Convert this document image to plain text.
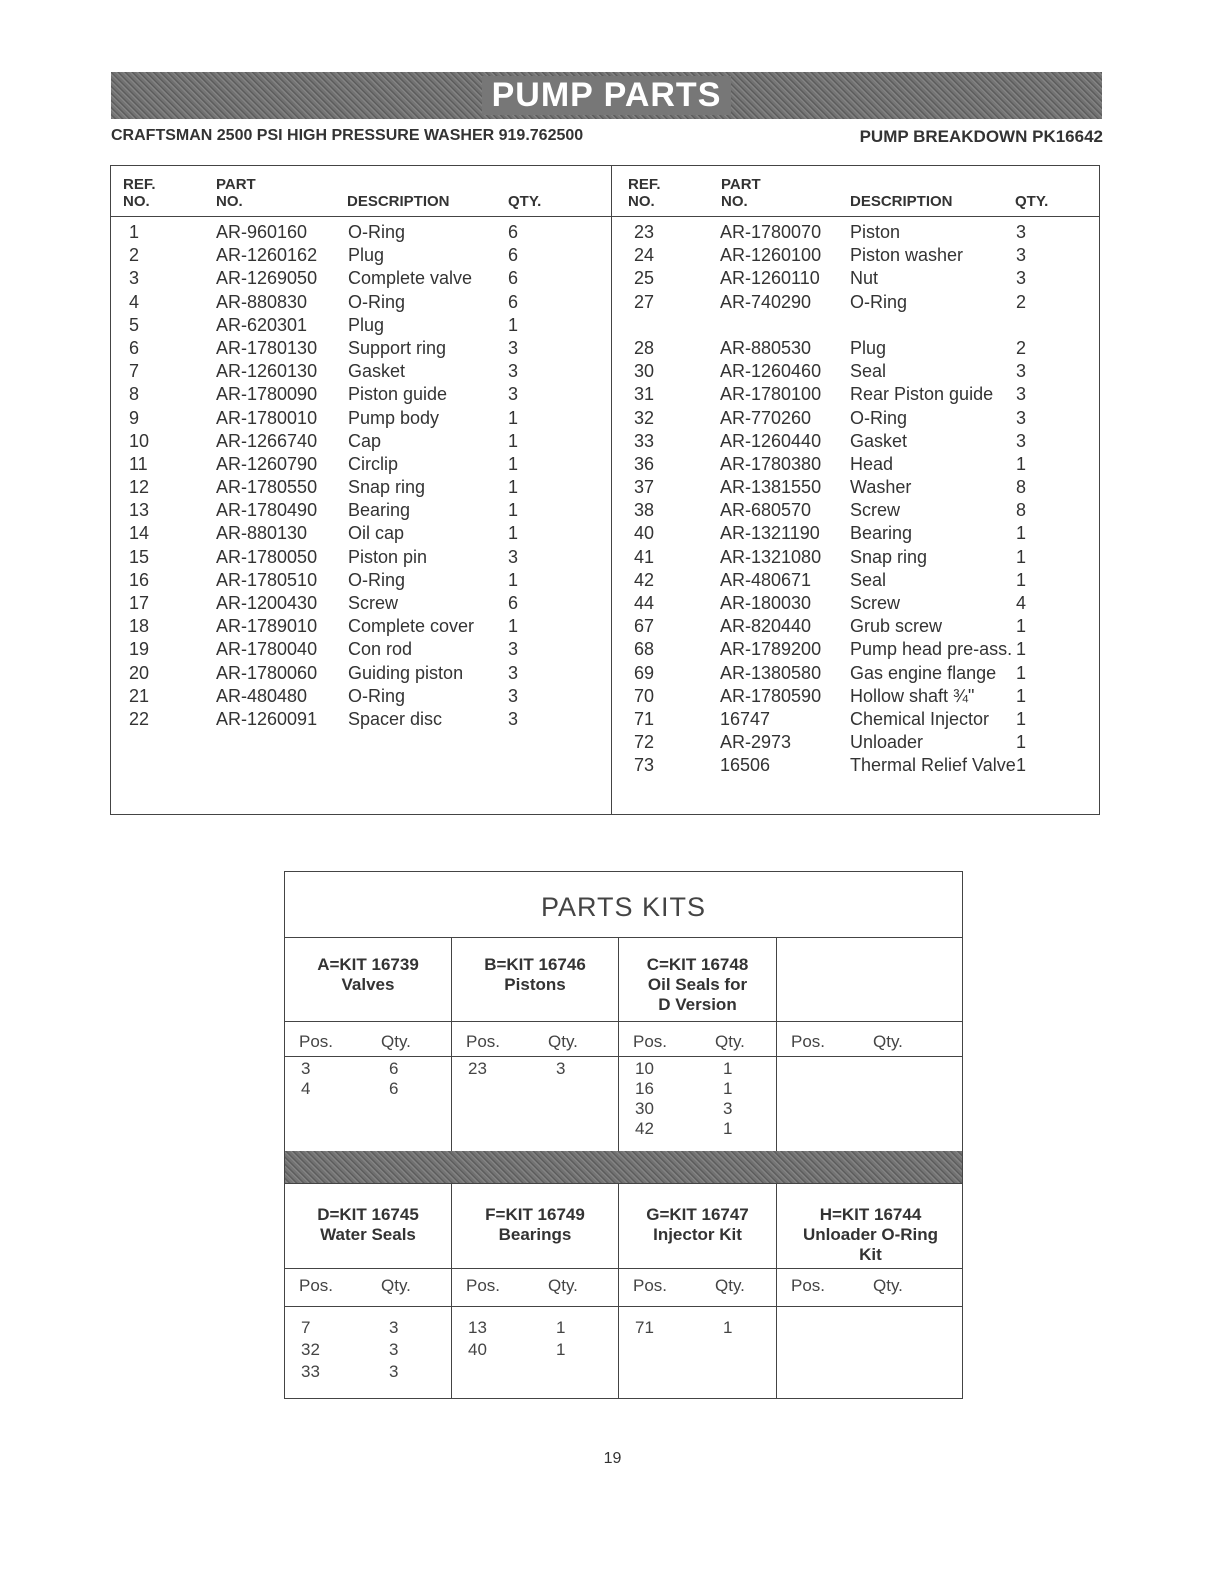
PUMP PARTS
CRAFTSMAN 2500 PSI HIGH PRESSURE WASHER 919.762500	PUMP BREAKDOWN PK16642
REF.
NO.
PART
NO.	DESCRIPTION	QTY.
1	AR-960160 O-Ring	6
2	AR-1260162 Plug	6
3	AR-1269050 Complete valve 6
4	AR-880830 O-Ring	6
5	AR-620301 Plug	1
6	AR-1780130 Support ring	3
7	AR-1260130 Gasket	3
8	AR-1780090 Piston guide	3
9	AR-1780010 Pump body	1
10	AR-1266740 Cap	1
11	AR-1260790 Circlip	1
12	AR-1780550 Snap ring	1
13	AR-1780490 Bearing	1
14	AR-880130 Oil cap	1
15	AR-1780050 Piston pin	3
16	AR-1780510 O-Ring	1
17	AR-1200430 Screw	6
18	AR-1789010 Complete cover 1
19	AR-1780040 Con rod	3
20	AR-1780060 Guiding piston 3
21	AR-480480 O-Ring	3
22	AR-1260091 Spacer disc	3
REF.
NO.
PART
NO.	DESCRIPTION	QTY.
23	AR-1780070 Piston	3
24	AR-1260100 Piston washer	3
25	AR-1260110 Nut	3
27	AR-740290 O-Ring	2
28	AR-880530 Plug	2
30	AR-1260460 Seal	3
31	AR-1780100 Rear Piston guide 3
32	AR-770260 O-Ring	3
33	AR-1260440 Gasket	3
36	AR-1780380 Head	1
37	AR-1381550 Washer	8
38	AR-680570 Screw	8
40	AR-1321190 Bearing	1
41	AR-1321080 Snap ring	1
42	AR-480671 Seal	1
44	AR-180030 Screw	4
67	AR-820440 Grub screw	1
68	AR-1789200 Pump head pre-ass. 1
69	AR-1380580 Gas engine flange 1
70	AR-1780590 Hollow shaft ¾" 1
71	16747	Chemical Injector 1
72	AR-2973	Unloader	1
73	16506	Thermal Relief Valve 1
PARTS KITS
A=KIT 16739
Valves
Pos.	Qty.
3	6
4	6
B=KIT 16746
Pistons
Pos.	Qty.
23	3
C=KIT 16748
Oil Seals for
D Version
Pos.	Qty.
10	1
16	1
30	3
42	1
Pos.	Qty.
D=KIT 16745
Water Seals
Pos.	Qty.
7	3
32	3
33	3
F=KIT 16749
Bearings
Pos.	Qty.
13	1
40	1
G=KIT 16747
Injector Kit
Pos.	Qty.
71	1
H=KIT 16744
Unloader O-Ring
Kit
Pos.	Qty.
19
